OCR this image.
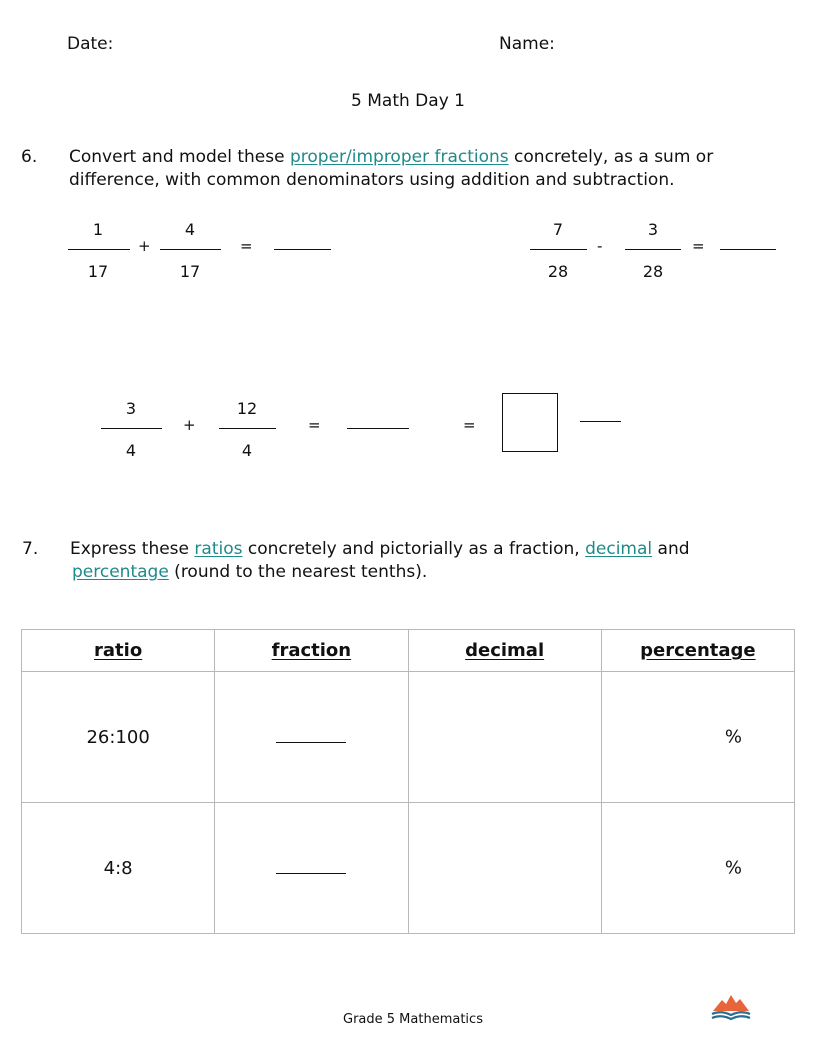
Date:	Name:
5 Math Day 1
6. Convert and model these proper/improper fractions concretely, as a sum or
difference, with common denominators using addition and subtraction.
1
17
+
4
17
=
7
28
-
3
28
=
3
4
+
12
4
=	=
7. Express these ratios concretely and pictorially as a fraction, decimal and
percentage (round to the nearest tenths).
ratio	fraction	decimal	percentage
26:100			%

4:8			%
Grade 5 Mathematics
